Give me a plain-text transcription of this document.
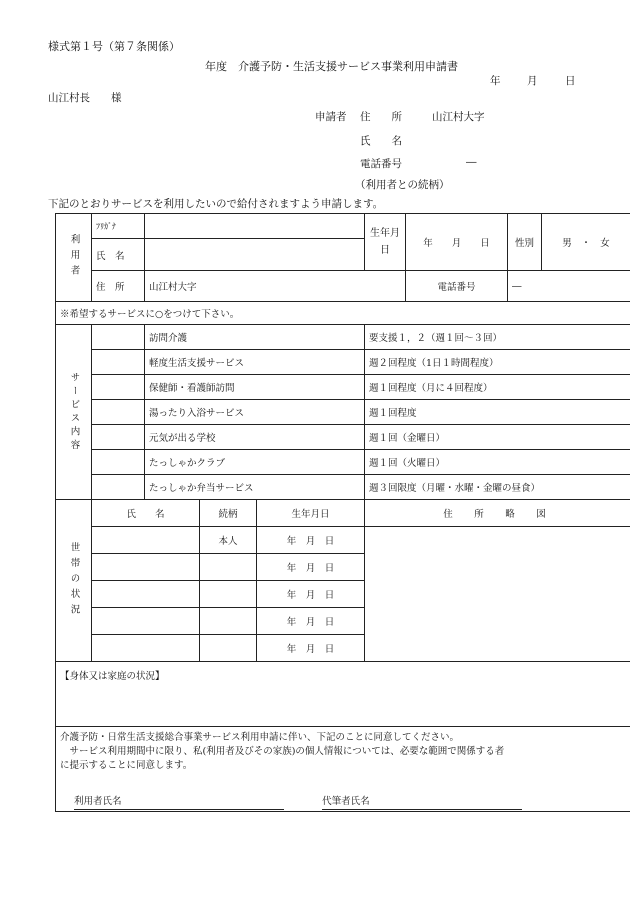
様式第１号（第７条関係）
年度　介護予防・生活支援サービス事業利用申請書
年	月	日
山江村長　　様
申請者 住　　所	山江村大字
氏　　名
電話番号	―
（利用者との続柄）
下記のとおりサービスを利用したいので給付されますよう申請します。
利用者	ﾌﾘｶﾞﾅ				生年月日	年　　 月　　 日	性別	男　・　女
	氏　名							
	住　所	山江村大字				電話番号	―	
※希望するサービスに○をつけて下さい。								
サービス内容		訪問介護			要支援１，２（週１回～３回）			
		軽度生活支援サービス			週２回程度（1日１時間程度）			
		保健師・看護師訪問			週１回程度（月に４回程度）			
		湯ったり入浴サービス			週１回程度			
		元気が出る学校			週１回（金曜日）			
		たっしゃかクラブ			週１回（火曜日）			
		たっしゃか弁当サービス			週３回限度（月曜・水曜・金曜の昼食）			
世帯の状況	氏　　名		続柄	生年月日	住　所　略　図			
			本人	年　月　日				
				年　月　日				
				年　月　日				
				年　月　日				
				年　月　日				
【身体又は家庭の状況】								

介護予防・日常生活支援総合事業サービス利用申請に伴い、下記のことに同意してください。
　サービス利用期間中に限り、私(利用者及びその家族)の個人情報については、必要な範囲で関係する者
に提示することに同意します。
利用者氏名 代筆者氏名								
